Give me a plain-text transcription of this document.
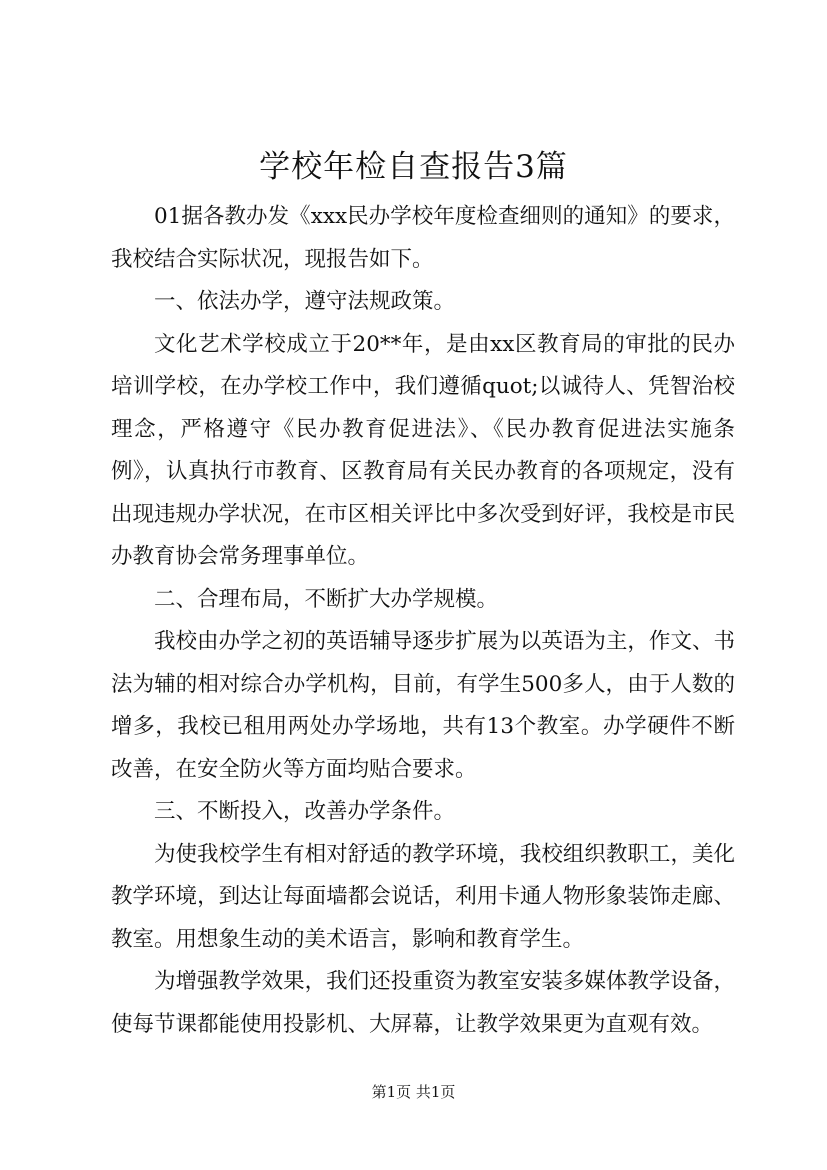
学校年检自查报告3篇

01据各教办发《xxx民办学校年度检查细则的通知》的要求，我校结合实际状况，现报告如下。

一、依法办学，遵守法规政策。

文化艺术学校成立于20**年，是由xx区教育局的审批的民办培训学校，在办学校工作中，我们遵循quot;以诚待人、凭智治校理念，严格遵守《民办教育促进法》、《民办教育促进法实施条例》，认真执行市教育、区教育局有关民办教育的各项规定，没有出现违规办学状况，在市区相关评比中多次受到好评，我校是市民办教育协会常务理事单位。

二、合理布局，不断扩大办学规模。

我校由办学之初的英语辅导逐步扩展为以英语为主，作文、书法为辅的相对综合办学机构，目前，有学生500多人，由于人数的增多，我校已租用两处办学场地，共有13个教室。办学硬件不断改善，在安全防火等方面均贴合要求。

三、不断投入，改善办学条件。

为使我校学生有相对舒适的教学环境，我校组织教职工，美化教学环境，到达让每面墙都会说话，利用卡通人物形象装饰走廊、教室。用想象生动的美术语言，影响和教育学生。

为增强教学效果，我们还投重资为教室安装多媒体教学设备，使每节课都能使用投影机、大屏幕，让教学效果更为直观有效。

第1页 共1页
